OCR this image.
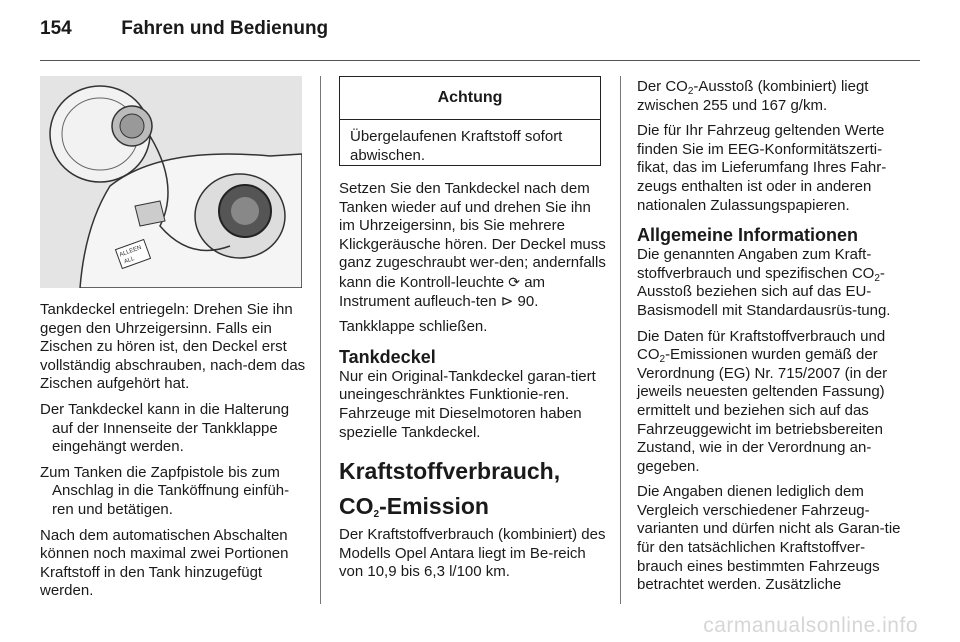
154	Fahren und Bedienung
ALLEEN
ALL

Tankdeckel entriegeln: Drehen Sie ihn gegen den Uhrzeigersinn. Falls ein Zischen zu hören ist, den Deckel erst vollständig abschrauben, nach-dem das Zischen aufgehört hat.

Der Tankdeckel kann in die Halterung auf der Innenseite der Tankklappe eingehängt werden.

Zum Tanken die Zapfpistole bis zum Anschlag in die Tanköffnung einfüh-ren und betätigen.

Nach dem automatischen Abschalten können noch maximal zwei Portionen Kraftstoff in den Tank hinzugefügt werden.

Achtung
Übergelaufenen Kraftstoff sofort abwischen.

Setzen Sie den Tankdeckel nach dem Tanken wieder auf und drehen Sie ihn im Uhrzeigersinn, bis Sie mehrere Klickgeräusche hören. Der Deckel muss ganz zugeschraubt wer-den; andernfalls kann die Kontroll-leuchte ⟳ am Instrument aufleuch-ten ⊳ 90.

Tankklappe schließen.

Tankdeckel

Nur ein Original-Tankdeckel garan-tiert uneingeschränktes Funktionie-ren. Fahrzeuge mit Dieselmotoren haben spezielle Tankdeckel.

Kraftstoffverbrauch, $CO_2$-Emission

Der Kraftstoffverbrauch (kombiniert) des Modells Opel Antara liegt im Be-reich von 10,9 bis 6,3 l/100 km.

Der $CO_2$-Ausstoß (kombiniert) liegt zwischen 255 und 167 g/km.

Die für Ihr Fahrzeug geltenden Werte finden Sie im EEG-Konformitätszerti-fikat, das im Lieferumfang Ihres Fahr-zeugs enthalten ist oder in anderen nationalen Zulassungspapieren.

Allgemeine Informationen

Die genannten Angaben zum Kraft-stoffverbrauch und spezifischen $CO_2$-Ausstoß beziehen sich auf das EU-Basismodell mit Standardausrüs-tung.

Die Daten für Kraftstoffverbrauch und $CO_2$-Emissionen wurden gemäß der Verordnung (EG) Nr. 715/2007 (in der jeweils neuesten geltenden Fassung) ermittelt und beziehen sich auf das Fahrzeuggewicht im betriebsbereiten Zustand, wie in der Verordnung an-gegeben.

Die Angaben dienen lediglich dem Vergleich verschiedener Fahrzeug-varianten und dürfen nicht als Garan-tie für den tatsächlichen Kraftstoffver-brauch eines bestimmten Fahrzeugs betrachtet werden. Zusätzliche

carmanualsonline.info
